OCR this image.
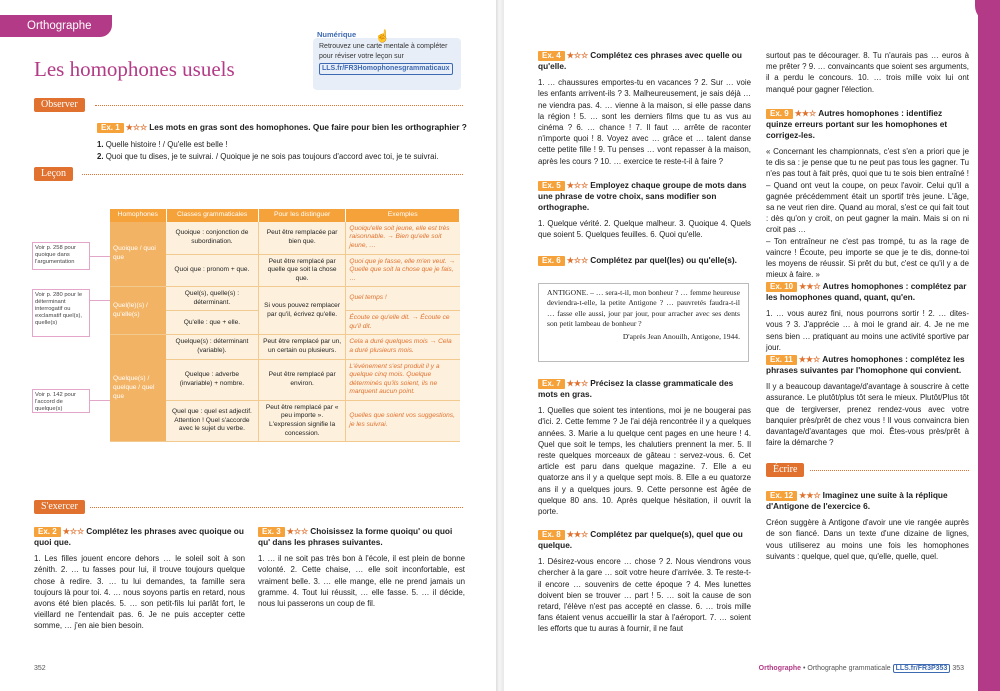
Orthographe
Les homophones usuels
Numérique ☝
Retrouvez une carte mentale à compléter pour réviser votre leçon sur
LLS.fr/FR3Homophonesgrammaticaux
Observer
Ex. 1 ★☆☆ Les mots en gras sont des homophones. Que faire pour bien les orthographier ?

1. Quelle histoire ! / Qu'elle est belle !

2. Quoi que tu dises, je te suivrai. / Quoique je ne sois pas toujours d'accord avec toi, je te suivrai.

Leçon
Voir p. 258 pour quoique dans l'argumentation
Voir p. 280 pour le déterminant interrogatif ou exclamatif quel(s), quelle(s)
Voir p. 142 pour l'accord de quelque(s)
Homophones	Classes grammaticales	Pour les distinguer	Exemples
Quoique / quoi que	Quoique : conjonction de subordination.	Peut être remplacée par bien que.	Quoiqu'elle soit jeune, elle est très raisonnable. → Bien qu'elle soit jeune, …
	Quoi que : pronom + que.	Peut être remplacé par quelle que soit la chose que.	Quoi que je fasse, elle m'en veut. → Quelle que soit la chose que je fais, …
Quel(le)(s) / qu'elle(s)	Quel(s), quelle(s) : déterminant.	Si vous pouvez remplacer par qu'il, écrivez qu'elle.	Quel temps !
	Qu'elle : que + elle.		Écoute ce qu'elle dit. → Écoute ce qu'il dit.
Quelque(s) / quelque / quel que	Quelque(s) : déterminant (variable).	Peut être remplacé par un, un certain ou plusieurs.	Cela a duré quelques mois → Cela a duré plusieurs mois.
	Quelque : adverbe (invariable) + nombre.	Peut être remplacé par environ.	L'événement s'est produit il y a quelque cinq mois. Quelque déterminés qu'ils soient, ils ne marquent aucun point.
	Quel que : quel est adjectif. Attention ! Quel s'accorde avec le sujet du verbe.	Peut être remplacé par « peu importe ». L'expression signifie la concession.	Quelles que soient vos suggestions, je les suivrai.
S'exercer
Ex. 2 ★☆☆ Complétez les phrases avec quoique ou quoi que.
1. Les filles jouent encore dehors … le soleil soit à son zénith. 2. … tu fasses pour lui, il trouve toujours quelque chose à redire. 3. … tu lui demandes, ta famille sera toujours là pour toi. 4. … nous soyons partis en retard, nous avons été bien placés. 5. … son petit-fils lui parlât fort, le vieillard ne l'entendait pas. 6. Je ne puis accepter cette somme, … j'en aie bien besoin.
Ex. 3 ★☆☆ Choisissez la forme quoiqu' ou quoi qu' dans les phrases suivantes.
1. … il ne soit pas très bon à l'école, il est plein de bonne volonté. 2. Cette chaise, … elle soit inconfortable, est vraiment belle. 3. … elle mange, elle ne prend jamais un gramme. 4. Tout lui réussit, … elle fasse. 5. … il décide, nous lui passerons un coup de fil.
352
Ex. 4 ★☆☆ Complétez ces phrases avec quelle ou qu'elle.
1. … chaussures emportes-tu en vacances ? 2. Sur … voie les enfants arrivent-ils ? 3. Malheureusement, je sais déjà … ne viendra pas. 4. … vienne à la maison, si elle passe dans la région ! 5. … sont les derniers films que tu as vus au cinéma ? 6. … chance ! 7. Il faut … arrête de raconter n'importe quoi ! 8. Voyez avec … grâce et … talent danse cette petite fille ! 9. Tu penses … vont repasser à la maison, après les cours ? 10. … exercice te reste-t-il à faire ?
Ex. 5 ★☆☆ Employez chaque groupe de mots dans une phrase de votre choix, sans modifier son orthographe.
1. Quelque vérité. 2. Quelque malheur. 3. Quoique 4. Quels que soient 5. Quelques feuilles. 6. Quoi qu'elle.
Ex. 6 ★☆☆ Complétez par quel(les) ou qu'elle(s).
ANTIGONE. – … sera-t-il, mon bonheur ? … femme heureuse deviendra-t-elle, la petite Antigone ? … pauvretés faudra-t-il … fasse elle aussi, jour par jour, pour arracher avec ses dents son petit lambeau de bonheur ?
D'après Jean Anouilh, Antigone, 1944.
Ex. 7 ★★☆ Précisez la classe grammaticale des mots en gras.
1. Quelles que soient tes intentions, moi je ne bougerai pas d'ici. 2. Cette femme ? Je l'ai déjà rencontrée il y a quelques années. 3. Marie a lu quelque cent pages en une heure ! 4. Quel que soit le temps, les chalutiers prennent la mer. 5. Il reste quelques morceaux de gâteau : servez-vous. 6. Cet article est paru dans quelque magazine. 7. Elle a eu quatorze ans il y a quelque sept mois. 8. Elle a eu quatorze ans il y a quelques jours. 9. Cette personne est âgée de quelque 80 ans. 10. Après quelque hésitation, il ouvrit la porte.
Ex. 8 ★★☆ Complétez par quelque(s), quel que ou quelque.
1. Désirez-vous encore … chose ? 2. Nous viendrons vous chercher à la gare … soit votre heure d'arrivée. 3. Te reste-t-il encore … souvenirs de cette époque ? 4. Mes lunettes doivent bien se trouver … part ! 5. … soit la cause de son retard, l'élève n'est pas accepté en classe. 6. … trois mille fans étaient venus accueillir la star à l'aéroport. 7. … soient les efforts que tu auras à fournir, il ne faut
surtout pas te décourager. 8. Tu n'aurais pas … euros à me prêter ? 9. … convaincants que soient ses arguments, il a perdu le concours. 10. … trois mille voix lui ont manqué pour gagner l'élection.
Ex. 9 ★★☆ Autres homophones : identifiez quinze erreurs portant sur les homophones et corrigez-les.
« Concernant les championnats, c'est s'en a priori que je te dis sa : je pense que tu ne peut pas tous les gagner. Tu n'es pas tout à fait près, quoi que tu te sois bien entraîné ! – Quand ont veut la coupe, on peux l'avoir. Celui qu'il a gagnée précédemment était un sportif très jeune. L'âge, sa ne veut rien dire. Quand au moral, s'est ce qui fait tout : dès qu'on y croit, on peut gagner la main. Mais si on ni croit pas …
– Ton entraîneur ne c'est pas trompé, tu as la rage de vaincre ! Écoute, peu importe se que je te dis, donne-toi les moyens de réussir. Si prêt du but, c'est ce qu'il y a de mieux à faire. »
Ex. 10 ★★☆ Autres homophones : complétez par les homophones quand, quant, qu'en.
1. … vous aurez fini, nous pourrons sortir ! 2. … dites-vous ? 3. J'apprécie … à moi le grand air. 4. Je ne me sens bien … pratiquant au moins une activité sportive par jour.
Ex. 11 ★★☆ Autres homophones : complétez les phrases suivantes par l'homophone qui convient.
Il y a beaucoup davantage/d'avantage à souscrire à cette assurance. Le plutôt/plus tôt sera le mieux. Plutôt/Plus tôt que de tergiverser, prenez rendez-vous avec votre banquier près/prêt de chez vous ! Il vous convaincra bien davantage/d'avantages que moi. Êtes-vous près/prêt à faire la démarche ?
Écrire
Ex. 12 ★★☆ Imaginez une suite à la réplique d'Antigone de l'exercice 6.
Créon suggère à Antigone d'avoir une vie rangée auprès de son fiancé. Dans un texte d'une dizaine de lignes, vous utiliserez au moins une fois les homophones suivants : quelque, quel que, qu'elle, quelle, quel.
Orthographe • Orthographe grammaticale LLS.fr/FR3P353 353
